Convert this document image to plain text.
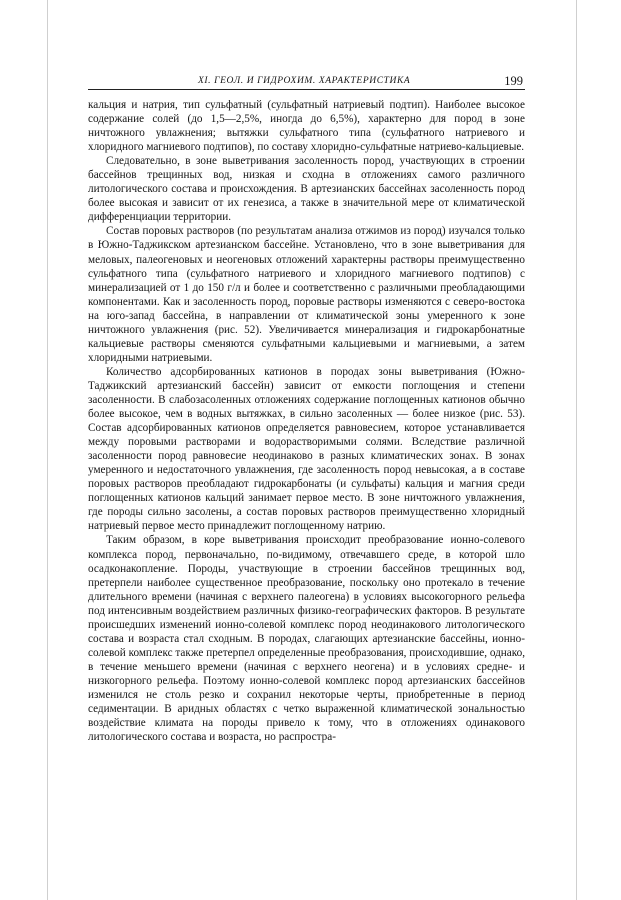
XI. ГЕОЛ. И ГИДРОХИМ. ХАРАКТЕРИСТИКА	199

кальция и натрия, тип сульфатный (сульфатный натриевый подтип). Наиболее высокое содержание солей (до 1,5—2,5%, иногда до 6,5%), характерно для пород в зоне ничтожного увлажнения; вытяжки сульфатного типа (сульфатного натриевого и хлоридного магниевого подтипов), по составу хлоридно-сульфатные натриево-кальциевые.

Следовательно, в зоне выветривания засоленность пород, участвующих в строении бассейнов трещинных вод, низкая и сходна в отложениях самого различного литологического состава и происхождения. В артезианских бассейнах засоленность пород более высокая и зависит от их генезиса, а также в значительной мере от климатической дифференциации территории.

Состав поровых растворов (по результатам анализа отжимов из пород) изучался только в Южно-Таджикском артезианском бассейне. Установлено, что в зоне выветривания для меловых, палеогеновых и неогеновых отложений характерны растворы преимущественно сульфатного типа (сульфатного натриевого и хлоридного магниевого подтипов) с минерализацией от 1 до 150 г/л и более и соответственно с различными преобладающими компонентами. Как и засоленность пород, поровые растворы изменяются с северо-востока на юго-запад бассейна, в направлении от климатической зоны умеренного к зоне ничтожного увлажнения (рис. 52). Увеличивается минерализация и гидрокарбонатные кальциевые растворы сменяются сульфатными кальциевыми и магниевыми, а затем хлоридными натриевыми.

Количество адсорбированных катионов в породах зоны выветривания (Южно-Таджикский артезианский бассейн) зависит от емкости поглощения и степени засоленности. В слабозасоленных отложениях содержание поглощенных катионов обычно более высокое, чем в водных вытяжках, в сильно засоленных — более низкое (рис. 53). Состав адсорбированных катионов определяется равновесием, которое устанавливается между поровыми растворами и водорастворимыми солями. Вследствие различной засоленности пород равновесие неодинаково в разных климатических зонах. В зонах умеренного и недостаточного увлажнения, где засоленность пород невысокая, а в составе поровых растворов преобладают гидрокарбонаты (и сульфаты) кальция и магния среди поглощенных катионов кальций занимает первое место. В зоне ничтожного увлажнения, где породы сильно засолены, а состав поровых растворов преимущественно хлоридный натриевый первое место принадлежит поглощенному натрию.

Таким образом, в коре выветривания происходит преобразование ионно-солевого комплекса пород, первоначально, по-видимому, отвечавшего среде, в которой шло осадконакопление. Породы, участвующие в строении бассейнов трещинных вод, претерпели наиболее существенное преобразование, поскольку оно протекало в течение длительного времени (начиная с верхнего палеогена) в условиях высокогорного рельефа под интенсивным воздействием различных физико-географических факторов. В результате происшедших изменений ионно-солевой комплекс пород неодинакового литологического состава и возраста стал сходным. В породах, слагающих артезианские бассейны, ионно-солевой комплекс также претерпел определенные преобразования, происходившие, однако, в течение меньшего времени (начиная с верхнего неогена) и в условиях средне- и низкогорного рельефа. Поэтому ионно-солевой комплекс пород артезианских бассейнов изменился не столь резко и сохранил некоторые черты, приобретенные в период седиментации. В аридных областях с четко выраженной климатической зональностью воздействие климата на породы привело к тому, что в отложениях одинакового литологического состава и возраста, но распростра-
